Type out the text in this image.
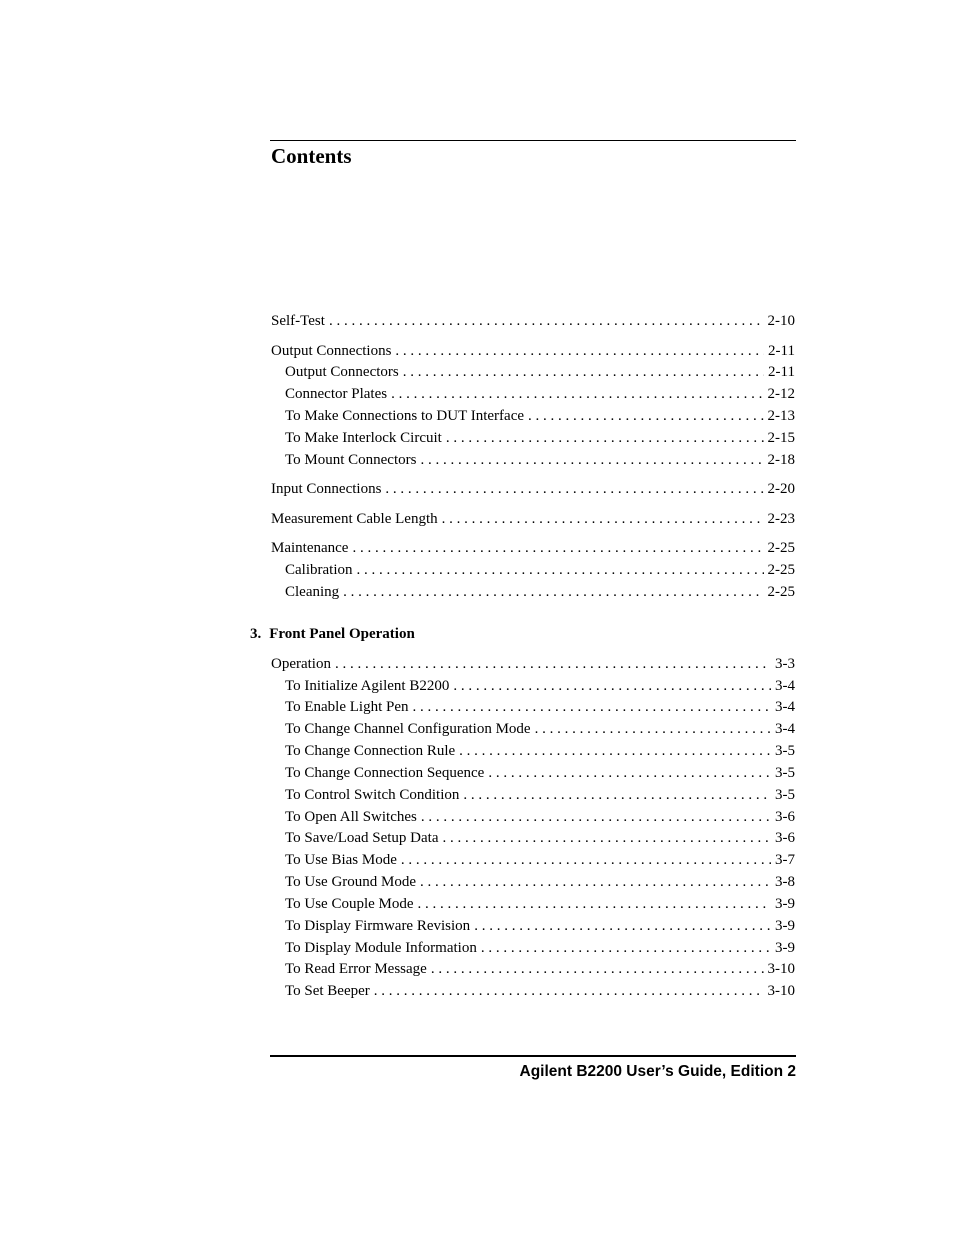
Contents
Self-Test . . .	2-10
Output Connections . . .	2-11
Output Connectors . . .	2-11
Connector Plates . . .	2-12
To Make Connections to DUT Interface . . .	2-13
To Make Interlock Circuit . . .	2-15
To Mount Connectors . . .	2-18
Input Connections . . .	2-20
Measurement Cable Length . . .	2-23
Maintenance . . .	2-25
Calibration . . .	2-25
Cleaning . . .	2-25
3. Front Panel Operation
Operation . . .	3-3
To Initialize Agilent B2200 . . .	3-4
To Enable Light Pen . . .	3-4
To Change Channel Configuration Mode . . .	3-4
To Change Connection Rule . . .	3-5
To Change Connection Sequence . . .	3-5
To Control Switch Condition . . .	3-5
To Open All Switches . . .	3-6
To Save/Load Setup Data . . .	3-6
To Use Bias Mode . . .	3-7
To Use Ground Mode . . .	3-8
To Use Couple Mode . . .	3-9
To Display Firmware Revision . . .	3-9
To Display Module Information . . .	3-9
To Read Error Message . . .	3-10
To Set Beeper . . .	3-10
Agilent B2200 User’s Guide, Edition 2
